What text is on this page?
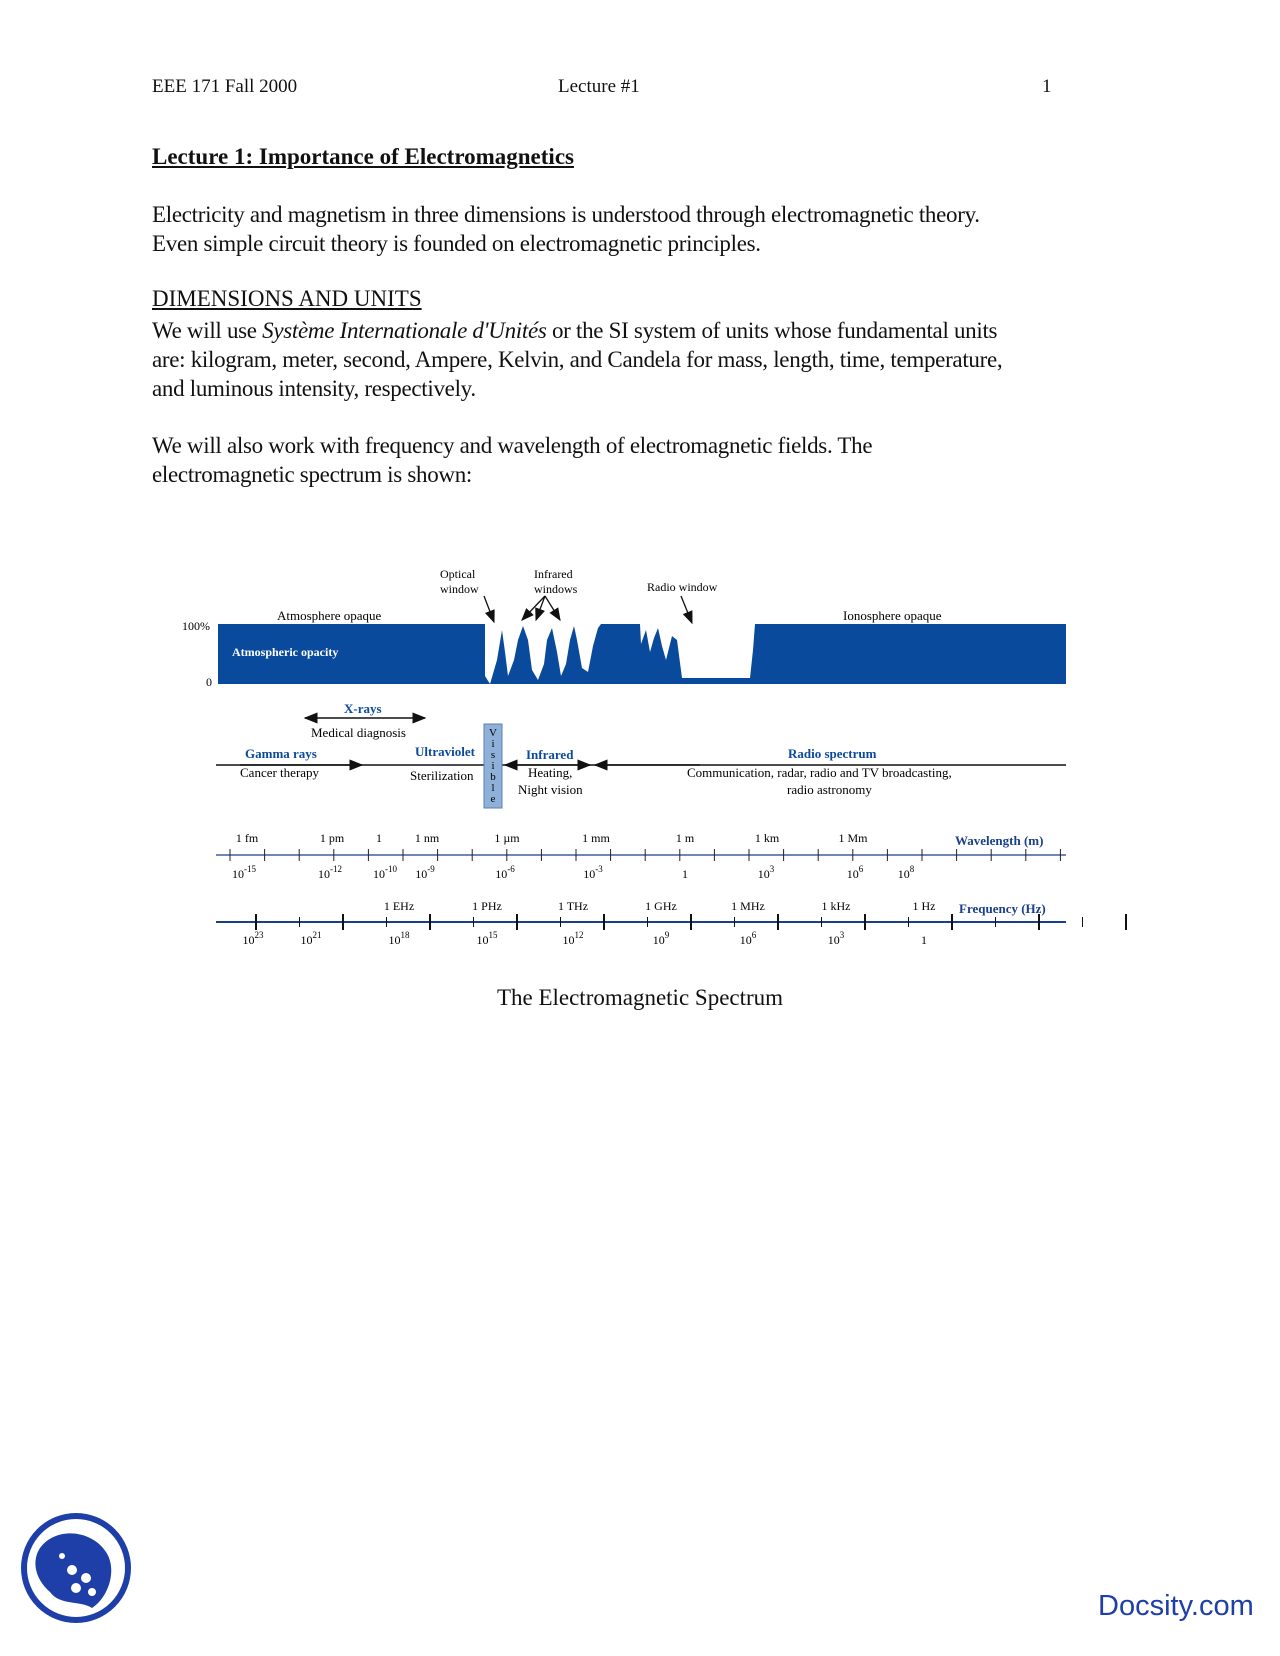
EEE 171 Fall 2000	Lecture #1	1
Lecture 1: Importance of Electromagnetics
Electricity and magnetism in three dimensions is understood through electromagnetic theory.
Even simple circuit theory is founded on electromagnetic principles.
DIMENSIONS AND UNITS
We will use Système Internationale d'Unités or the SI system of units whose fundamental units
are: kilogram, meter, second, Ampere, Kelvin, and Candela for mass, length, time, temperature,
and luminous intensity, respectively.
We will also work with frequency and wavelength of electromagnetic fields. The
electromagnetic spectrum is shown:
100%
0
Atmospheric opacity
Atmosphere opaque	Ionosphere opaque
Optical
window
Infrared
windows	Radio window
X-rays
Medical diagnosis
Gamma rays
Cancer therapy
Ultraviolet
Sterilization
V
i
s
i
b
l
e
Infrared
Heating,
Night vision
Radio spectrum
Communication, radar, radio and TV broadcasting,
radio astronomy
1 fm	1 pm	1	1 nm	1 µm	1 mm	1 m	1 km	1 Mm
$10^{-15}$	$10^{-12}$	$10^{-10}$ $10^{-9}$	$10^{-6}$	$10^{-3}$	1	$10^3$	$10^6$	$10^8$
Wavelength (m)
1 EHz	1 PHz	1 THz	1 GHz	1 MHz	1 kHz	1 Hz
$10^{23}$	$10^{21}$	$10^{18}$	$10^{15}$	$10^{12}$	$10^9$	$10^6$	$10^3$	1
Frequency (Hz)
The Electromagnetic Spectrum
Docsity.com
